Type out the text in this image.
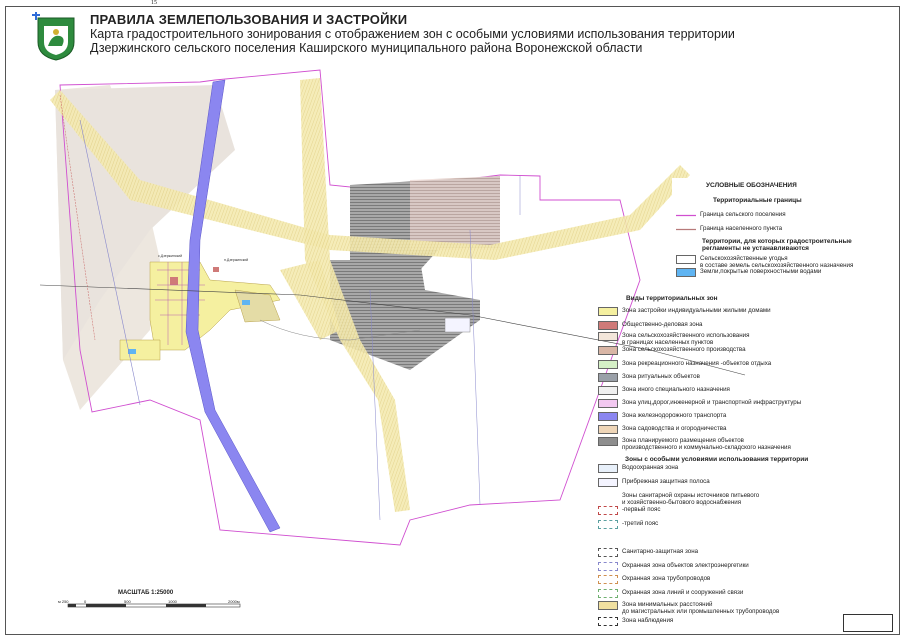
15
ПРАВИЛА ЗЕМЛЕПОЛЬЗОВАНИЯ И ЗАСТРОЙКИ
Карта градостроительного зонирования с отображением зон с особыми условиями использования территории
Дзержинского сельского поселения Каширского муниципального района Воронежской области
с.Дзержинский
п.Дзержинский
УСЛОВНЫЕ ОБОЗНАЧЕНИЯ
Территориальные границы
Граница сельского поселения
Граница населенного пункта
Территории, для которых градостроительные регламенты не устанавливаются
Сельскохозяйственные угодья
в составе земель сельскохозяйственного назначения
Земли,покрытые поверхностными водами
Виды территориальных зон
Зона застройки индивидуальными жилыми домами
Общественно-деловая зона
Зона сельскохозяйственного использования
в границах населенных пунктов
Зона сельскохозяйственного производства
Зона рекреационного назначения -объектов отдыха
Зона ритуальных объектов
Зона иного специального назначения
Зона улиц,дорог,инженерной и транспортной инфраструктуры
Зона железнодорожного транспорта
Зона садоводства и огородничества
Зона планируемого размещения объектов
производственного и коммунально-складского назначения
Зоны с особыми условиями использования территории
Водоохранная зона
Прибрежная защитная полоса
Зоны санитарной охраны источников питьевого
и хозяйственно-бытового водоснабжения
-первый пояс
-третий пояс
Санитарно-защитная зона
Охранная зона объектов электроэнергетики
Охранная зона трубопроводов
Охранная зона линий и сооружений связи
Зона минимальных расстояний
до магистральных или промышленных трубопроводов
Зона наблюдения
МАСШТАБ 1:25000
м 250	0	500	1000	2000м
